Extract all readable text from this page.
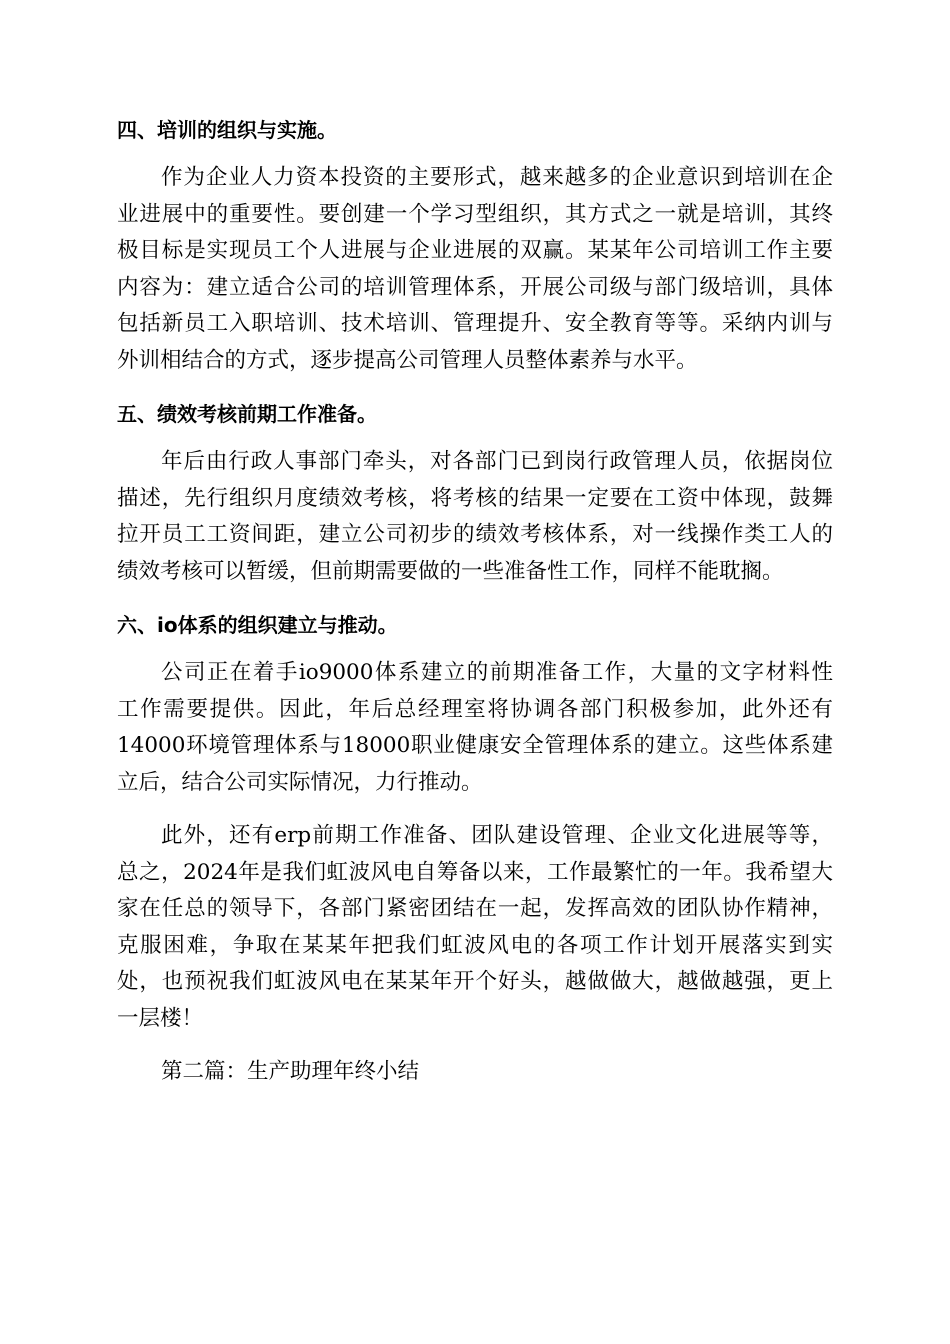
四、培训的组织与实施。
作为企业人力资本投资的主要形式，越来越多的企业意识到培训在企
业进展中的重要性。要创建一个学习型组织，其方式之一就是培训，其终
极目标是实现员工个人进展与企业进展的双赢。某某年公司培训工作主要
内容为：建立适合公司的培训管理体系，开展公司级与部门级培训，具体
包括新员工入职培训、技术培训、管理提升、安全教育等等。采纳内训与
外训相结合的方式，逐步提高公司管理人员整体素养与水平。
五、绩效考核前期工作准备。
年后由行政人事部门牵头，对各部门已到岗行政管理人员，依据岗位
描述，先行组织月度绩效考核，将考核的结果一定要在工资中体现，鼓舞
拉开员工工资间距，建立公司初步的绩效考核体系，对一线操作类工人的
绩效考核可以暂缓，但前期需要做的一些准备性工作，同样不能耽搁。
六、io体系的组织建立与推动。
公司正在着手io9000体系建立的前期准备工作，大量的文字材料性
工作需要提供。因此，年后总经理室将协调各部门积极参加，此外还有
14000环境管理体系与18000职业健康安全管理体系的建立。这些体系建
立后，结合公司实际情况，力行推动。
此外，还有erp前期工作准备、团队建设管理、企业文化进展等等，
总之，2024年是我们虹波风电自筹备以来，工作最繁忙的一年。我希望大
家在任总的领导下，各部门紧密团结在一起，发挥高效的团队协作精神，
克服困难，争取在某某年把我们虹波风电的各项工作计划开展落实到实
处，也预祝我们虹波风电在某某年开个好头，越做做大，越做越强，更上
一层楼！
第二篇：生产助理年终小结
